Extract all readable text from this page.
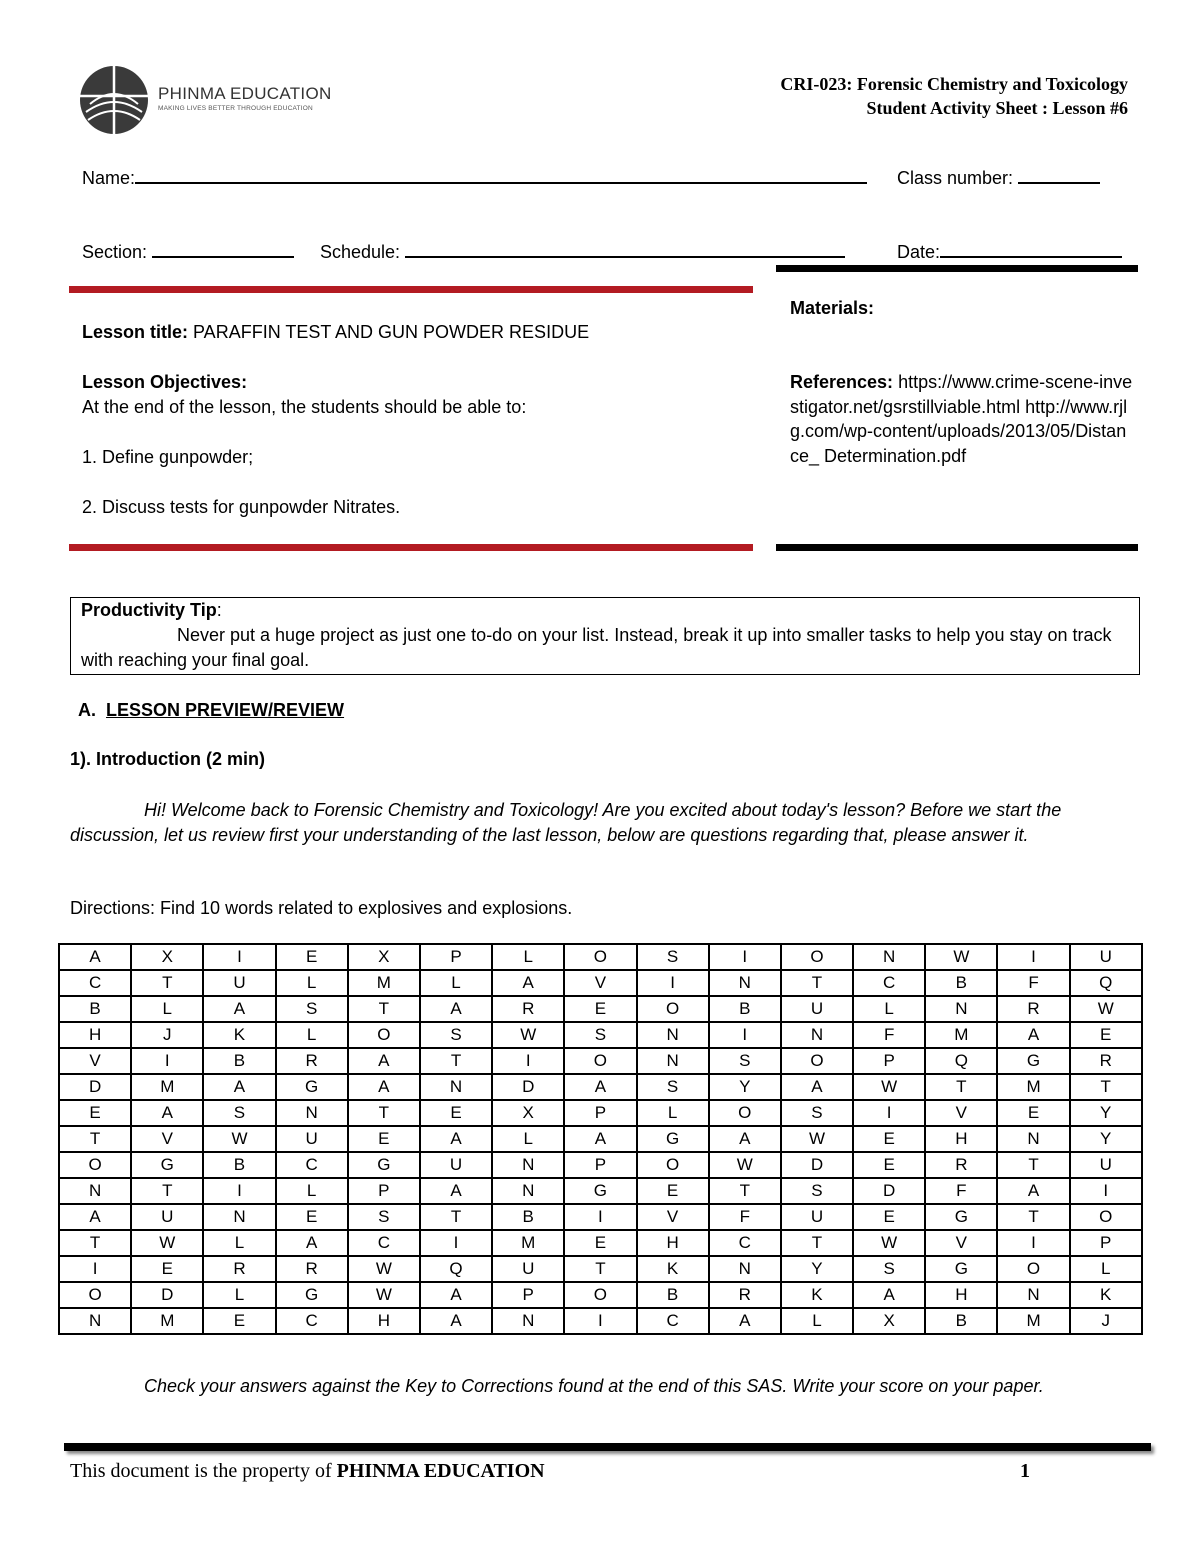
PHINMA EDUCATION
MAKING LIVES BETTER THROUGH EDUCATION
CRI-023: Forensic Chemistry and Toxicology
Student Activity Sheet : Lesson #6
Name:	Class number:
Section:	Schedule:	Date:
Lesson title: PARAFFIN TEST AND GUN POWDER RESIDUE
Lesson Objectives:
At the end of the lesson, the students should be able to:
1. Define gunpowder;
2. Discuss tests for gunpowder Nitrates.
Materials:
References: https://www.crime-scene-investigator.net/gsrstillviable.html http://www.rjlg.com/wp-content/uploads/2013/05/Distance_ Determination.pdf
Productivity Tip:
Never put a huge project as just one to-do on your list. Instead, break it up into smaller tasks to help you stay on track with reaching your final goal.
A. LESSON PREVIEW/REVIEW
1). Introduction (2 min)
Hi! Welcome back to Forensic Chemistry and Toxicology! Are you excited about today's lesson? Before we start the discussion, let us review first your understanding of the last lesson, below are questions regarding that, please answer it.
Directions: Find 10 words related to explosives and explosions.
A	X	I	E	X	P	L	O	S	I	O	N	W	I	U
C	T	U	L	M	L	A	V	I	N	T	C	B	F	Q
B	L	A	S	T	A	R	E	O	B	U	L	N	R	W
H	J	K	L	O	S	W	S	N	I	N	F	M	A	E
V	I	B	R	A	T	I	O	N	S	O	P	Q	G	R
D	M	A	G	A	N	D	A	S	Y	A	W	T	M	T
E	A	S	N	T	E	X	P	L	O	S	I	V	E	Y
T	V	W	U	E	A	L	A	G	A	W	E	H	N	Y
O	G	B	C	G	U	N	P	O	W	D	E	R	T	U
N	T	I	L	P	A	N	G	E	T	S	D	F	A	I
A	U	N	E	S	T	B	I	V	F	U	E	G	T	O
T	W	L	A	C	I	M	E	H	C	T	W	V	I	P
I	E	R	R	W	Q	U	T	K	N	Y	S	G	O	L
O	D	L	G	W	A	P	O	B	R	K	A	H	N	K
N	M	E	C	H	A	N	I	C	A	L	X	B	M	J
Check your answers against the Key to Corrections found at the end of this SAS. Write your score on your paper.
This document is the property of PHINMA EDUCATION	1
